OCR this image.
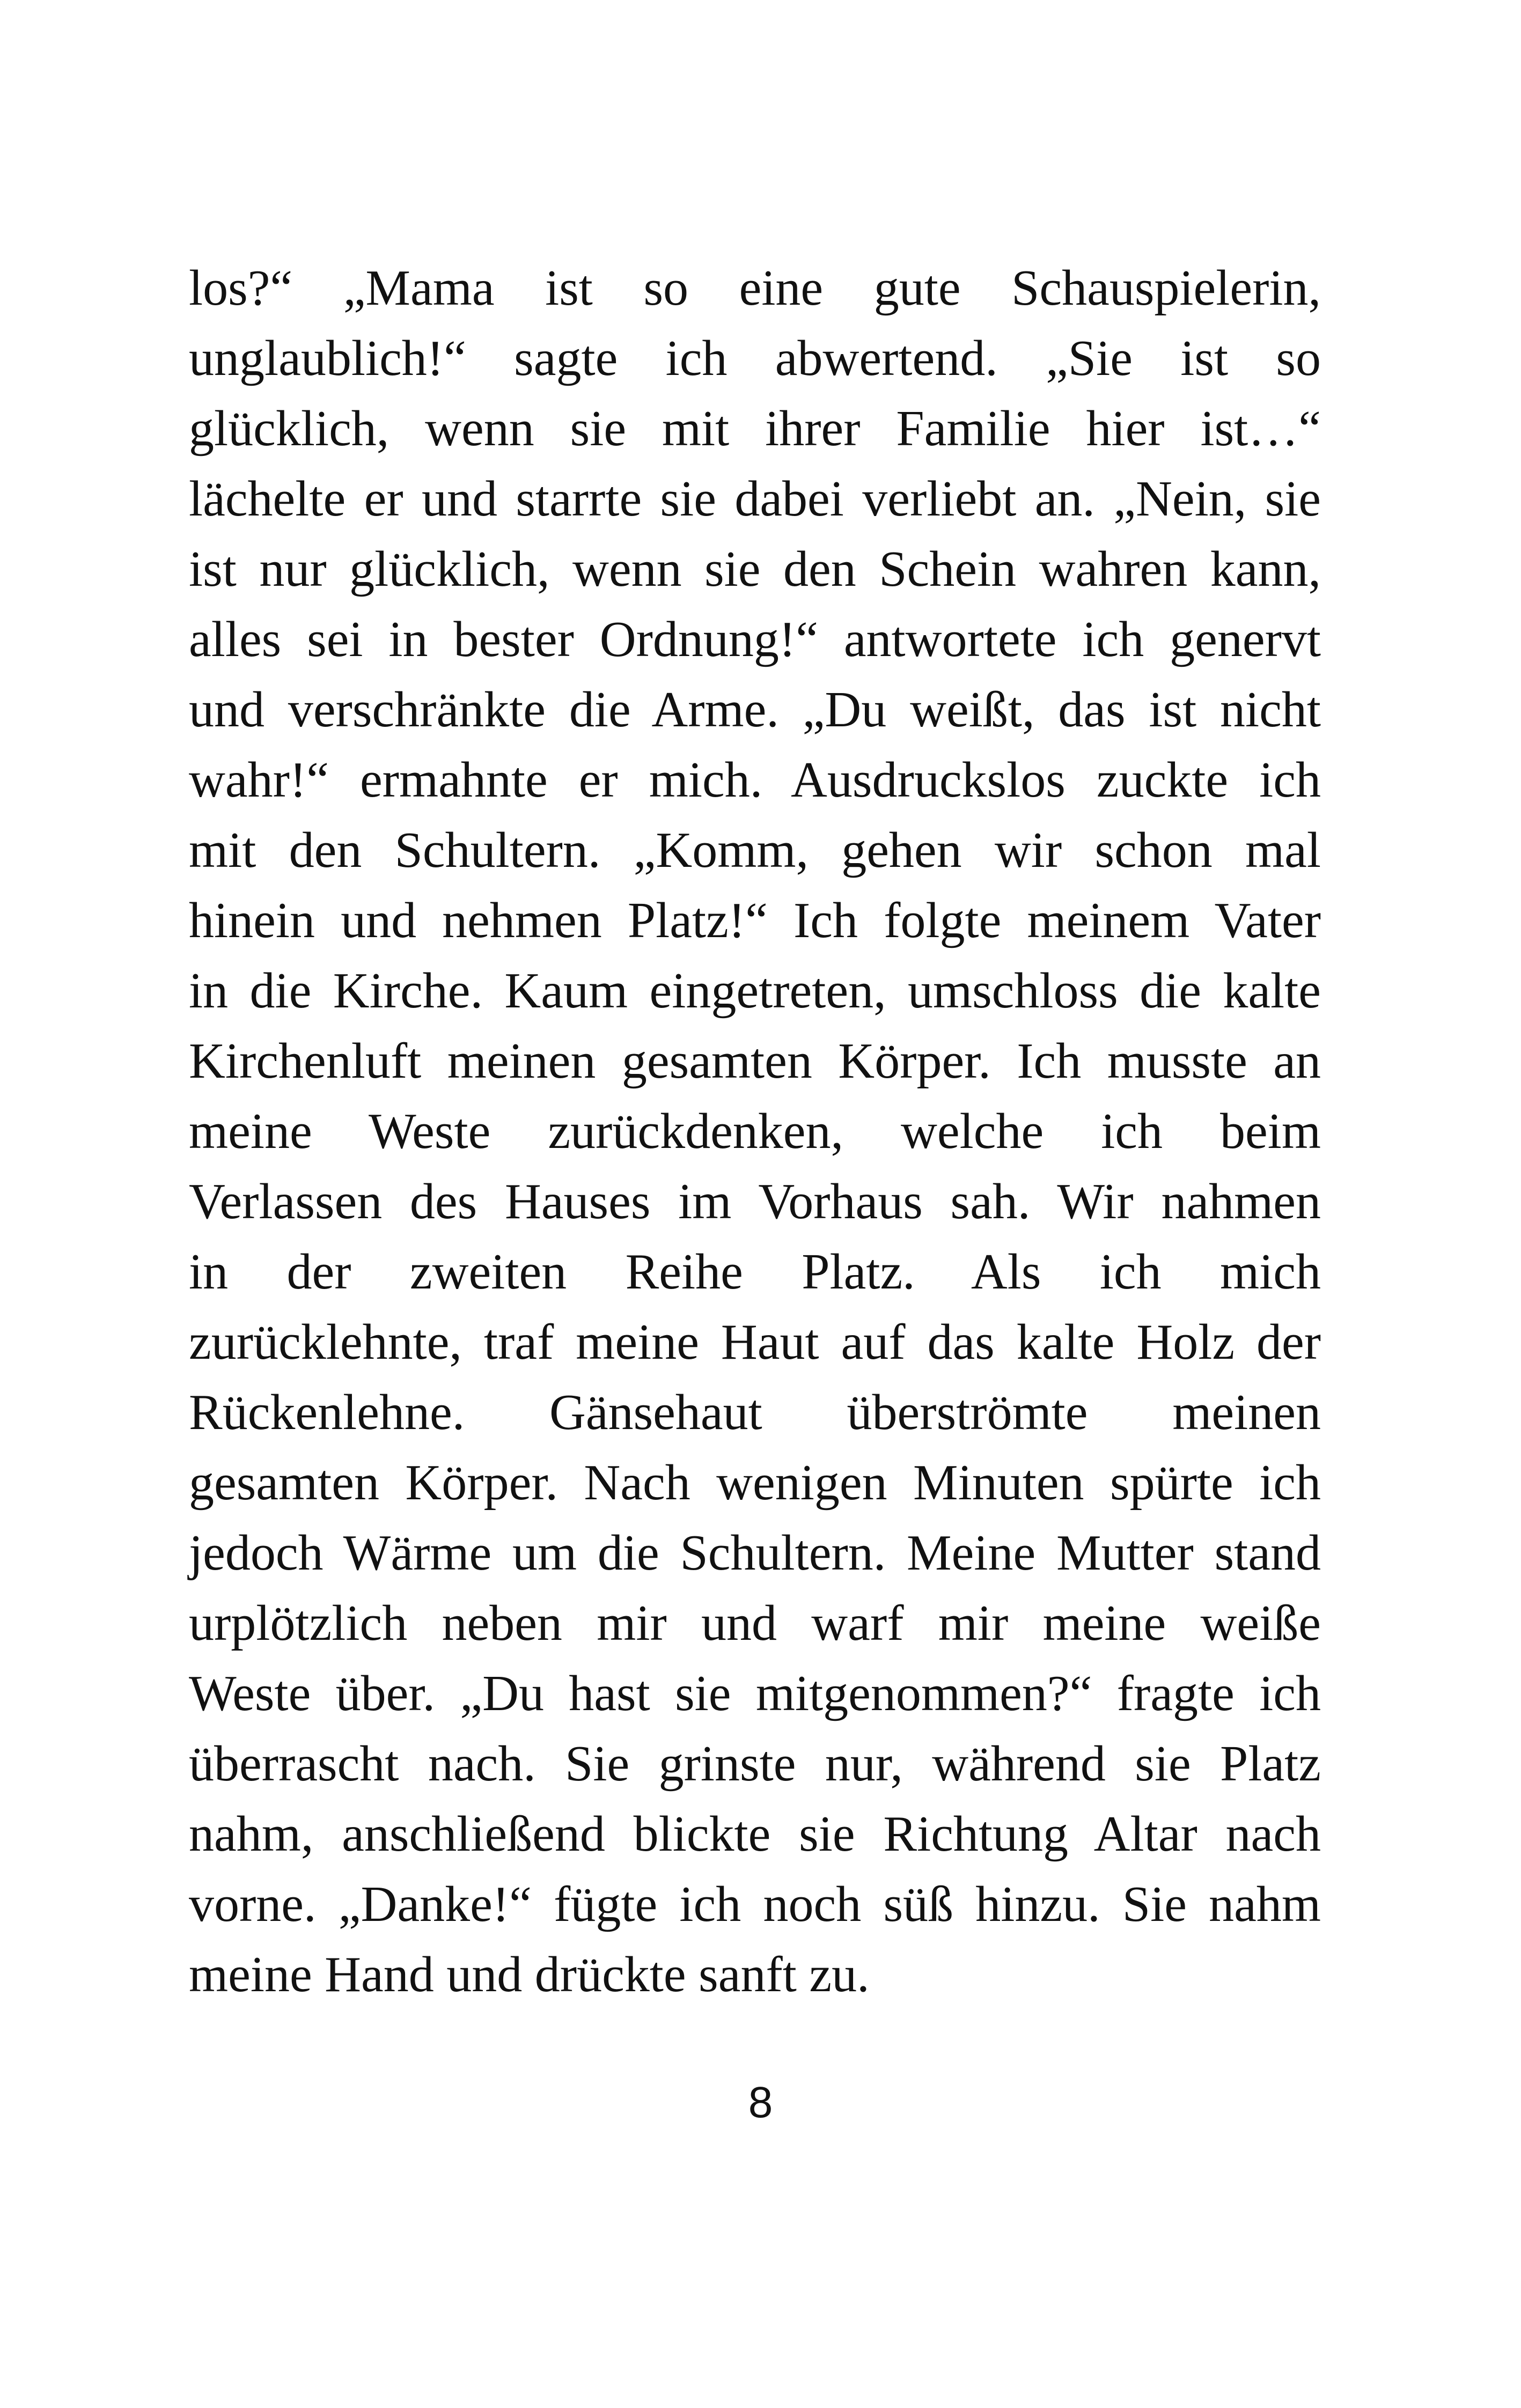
los?“ „Mama ist so eine gute Schauspielerin,
unglaublich!“ sagte ich abwertend. „Sie ist so
glücklich, wenn sie mit ihrer Familie hier ist…“
lächelte er und starrte sie dabei verliebt an. „Nein, sie
ist nur glücklich, wenn sie den Schein wahren kann,
alles sei in bester Ordnung!“ antwortete ich genervt
und verschränkte die Arme. „Du weißt, das ist nicht
wahr!“ ermahnte er mich. Ausdruckslos zuckte ich
mit den Schultern. „Komm, gehen wir schon mal
hinein und nehmen Platz!“ Ich folgte meinem Vater
in die Kirche. Kaum eingetreten, umschloss die kalte
Kirchenluft meinen gesamten Körper. Ich musste an
meine Weste zurückdenken, welche ich beim
Verlassen des Hauses im Vorhaus sah. Wir nahmen
in der zweiten Reihe Platz. Als ich mich
zurücklehnte, traf meine Haut auf das kalte Holz der
Rückenlehne. Gänsehaut überströmte meinen
gesamten Körper. Nach wenigen Minuten spürte ich
jedoch Wärme um die Schultern. Meine Mutter stand
urplötzlich neben mir und warf mir meine weiße
Weste über. „Du hast sie mitgenommen?“ fragte ich
überrascht nach. Sie grinste nur, während sie Platz
nahm, anschließend blickte sie Richtung Altar nach
vorne. „Danke!“ fügte ich noch süß hinzu. Sie nahm
meine Hand und drückte sanft zu.
8
